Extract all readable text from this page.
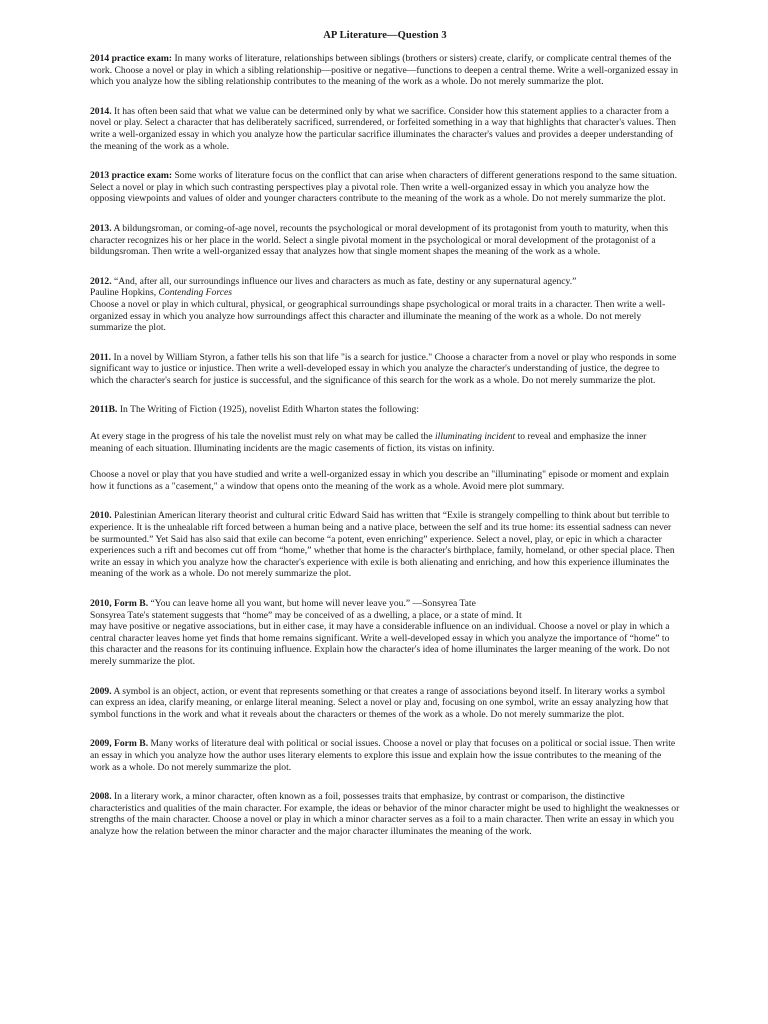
AP Literature—Question 3

2014 practice exam: In many works of literature, relationships between siblings (brothers or sisters) create, clarify, or complicate central themes of the work. Choose a novel or play in which a sibling relationship—positive or negative—functions to deepen a central theme. Write a well-organized essay in which you analyze how the sibling relationship contributes to the meaning of the work as a whole. Do not merely summarize the plot.

2014. It has often been said that what we value can be determined only by what we sacrifice. Consider how this statement applies to a character from a novel or play. Select a character that has deliberately sacrificed, surrendered, or forfeited something in a way that highlights that character's values. Then write a well-organized essay in which you analyze how the particular sacrifice illuminates the character's values and provides a deeper understanding of the meaning of the work as a whole.

2013 practice exam: Some works of literature focus on the conflict that can arise when characters of different generations respond to the same situation. Select a novel or play in which such contrasting perspectives play a pivotal role. Then write a well-organized essay in which you analyze how the opposing viewpoints and values of older and younger characters contribute to the meaning of the work as a whole. Do not merely summarize the plot.

2013. A bildungsroman, or coming-of-age novel, recounts the psychological or moral development of its protagonist from youth to maturity, when this character recognizes his or her place in the world. Select a single pivotal moment in the psychological or moral development of the protagonist of a bildungsroman. Then write a well-organized essay that analyzes how that single moment shapes the meaning of the work as a whole.

2012. “And, after all, our surroundings influence our lives and characters as much as fate, destiny or any supernatural agency.”

Pauline Hopkins, Contending Forces

Choose a novel or play in which cultural, physical, or geographical surroundings shape psychological or moral traits in a character. Then write a well-organized essay in which you analyze how surroundings affect this character and illuminate the meaning of the work as a whole. Do not merely summarize the plot.

2011. In a novel by William Styron, a father tells his son that life "is a search for justice." Choose a character from a novel or play who responds in some significant way to justice or injustice. Then write a well-developed essay in which you analyze the character's understanding of justice, the degree to which the character's search for justice is successful, and the significance of this search for the work as a whole. Do not merely summarize the plot.

2011B. In The Writing of Fiction (1925), novelist Edith Wharton states the following:

At every stage in the progress of his tale the novelist must rely on what may be called the illuminating incident to reveal and emphasize the inner meaning of each situation. Illuminating incidents are the magic casements of fiction, its vistas on infinity.

Choose a novel or play that you have studied and write a well-organized essay in which you describe an "illuminating" episode or moment and explain how it functions as a "casement," a window that opens onto the meaning of the work as a whole. Avoid mere plot summary.

2010. Palestinian American literary theorist and cultural critic Edward Said has written that “Exile is strangely compelling to think about but terrible to experience. It is the unhealable rift forced between a human being and a native place, between the self and its true home: its essential sadness can never be surmounted.” Yet Said has also said that exile can become “a potent, even enriching” experience. Select a novel, play, or epic in which a character experiences such a rift and becomes cut off from “home,” whether that home is the character's birthplace, family, homeland, or other special place. Then write an essay in which you analyze how the character's experience with exile is both alienating and enriching, and how this experience illuminates the meaning of the work as a whole. Do not merely summarize the plot.

2010, Form B. “You can leave home all you want, but home will never leave you.” —Sonsyrea Tate

Sonsyrea Tate's statement suggests that “home” may be conceived of as a dwelling, a place, or a state of mind. It

may have positive or negative associations, but in either case, it may have a considerable influence on an individual. Choose a novel or play in which a central character leaves home yet finds that home remains significant. Write a well-developed essay in which you analyze the importance of “home” to this character and the reasons for its continuing influence. Explain how the character's idea of home illuminates the larger meaning of the work. Do not merely summarize the plot.

2009. A symbol is an object, action, or event that represents something or that creates a range of associations beyond itself. In literary works a symbol can express an idea, clarify meaning, or enlarge literal meaning. Select a novel or play and, focusing on one symbol, write an essay analyzing how that symbol functions in the work and what it reveals about the characters or themes of the work as a whole. Do not merely summarize the plot.

2009, Form B. Many works of literature deal with political or social issues. Choose a novel or play that focuses on a political or social issue. Then write an essay in which you analyze how the author uses literary elements to explore this issue and explain how the issue contributes to the meaning of the work as a whole. Do not merely summarize the plot.

2008. In a literary work, a minor character, often known as a foil, possesses traits that emphasize, by contrast or comparison, the distinctive characteristics and qualities of the main character. For example, the ideas or behavior of the minor character might be used to highlight the weaknesses or strengths of the main character. Choose a novel or play in which a minor character serves as a foil to a main character. Then write an essay in which you analyze how the relation between the minor character and the major character illuminates the meaning of the work.
